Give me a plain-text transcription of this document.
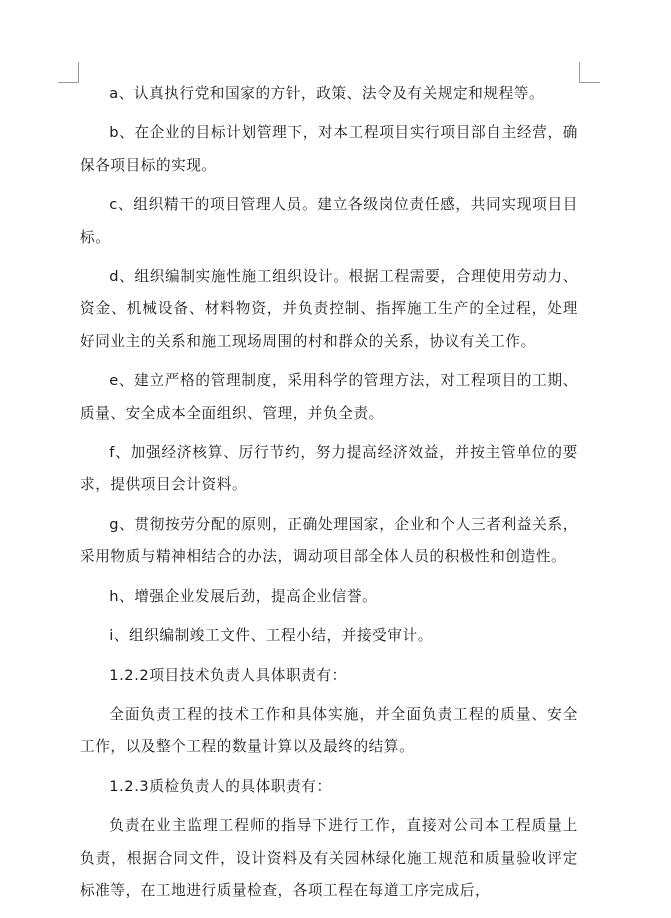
a、认真执行党和国家的方针，政策、法令及有关规定和规程等。

b、在企业的目标计划管理下，对本工程项目实行项目部自主经营，确保各项目标的实现。

c、组织精干的项目管理人员。建立各级岗位责任感，共同实现项目目标。

d、组织编制实施性施工组织设计。根据工程需要，合理使用劳动力、资金、机械设备、材料物资，并负责控制、指挥施工生产的全过程，处理好同业主的关系和施工现场周围的村和群众的关系，协议有关工作。

e、建立严格的管理制度，采用科学的管理方法，对工程项目的工期、质量、安全成本全面组织、管理，并负全责。

f、加强经济核算、厉行节约，努力提高经济效益，并按主管单位的要求，提供项目会计资料。

g、贯彻按劳分配的原则，正确处理国家，企业和个人三者利益关系，采用物质与精神相结合的办法，调动项目部全体人员的积极性和创造性。

h、增强企业发展后劲，提高企业信誉。

i、组织编制竣工文件、工程小结，并接受审计。

1.2.2项目技术负责人具体职责有：

全面负责工程的技术工作和具体实施，并全面负责工程的质量、安全工作，以及整个工程的数量计算以及最终的结算。

1.2.3质检负责人的具体职责有：

负责在业主监理工程师的指导下进行工作，直接对公司本工程质量上负责，根据合同文件，设计资料及有关园林绿化施工规范和质量验收评定标准等，在工地进行质量检查，各项工程在每道工序完成后，
